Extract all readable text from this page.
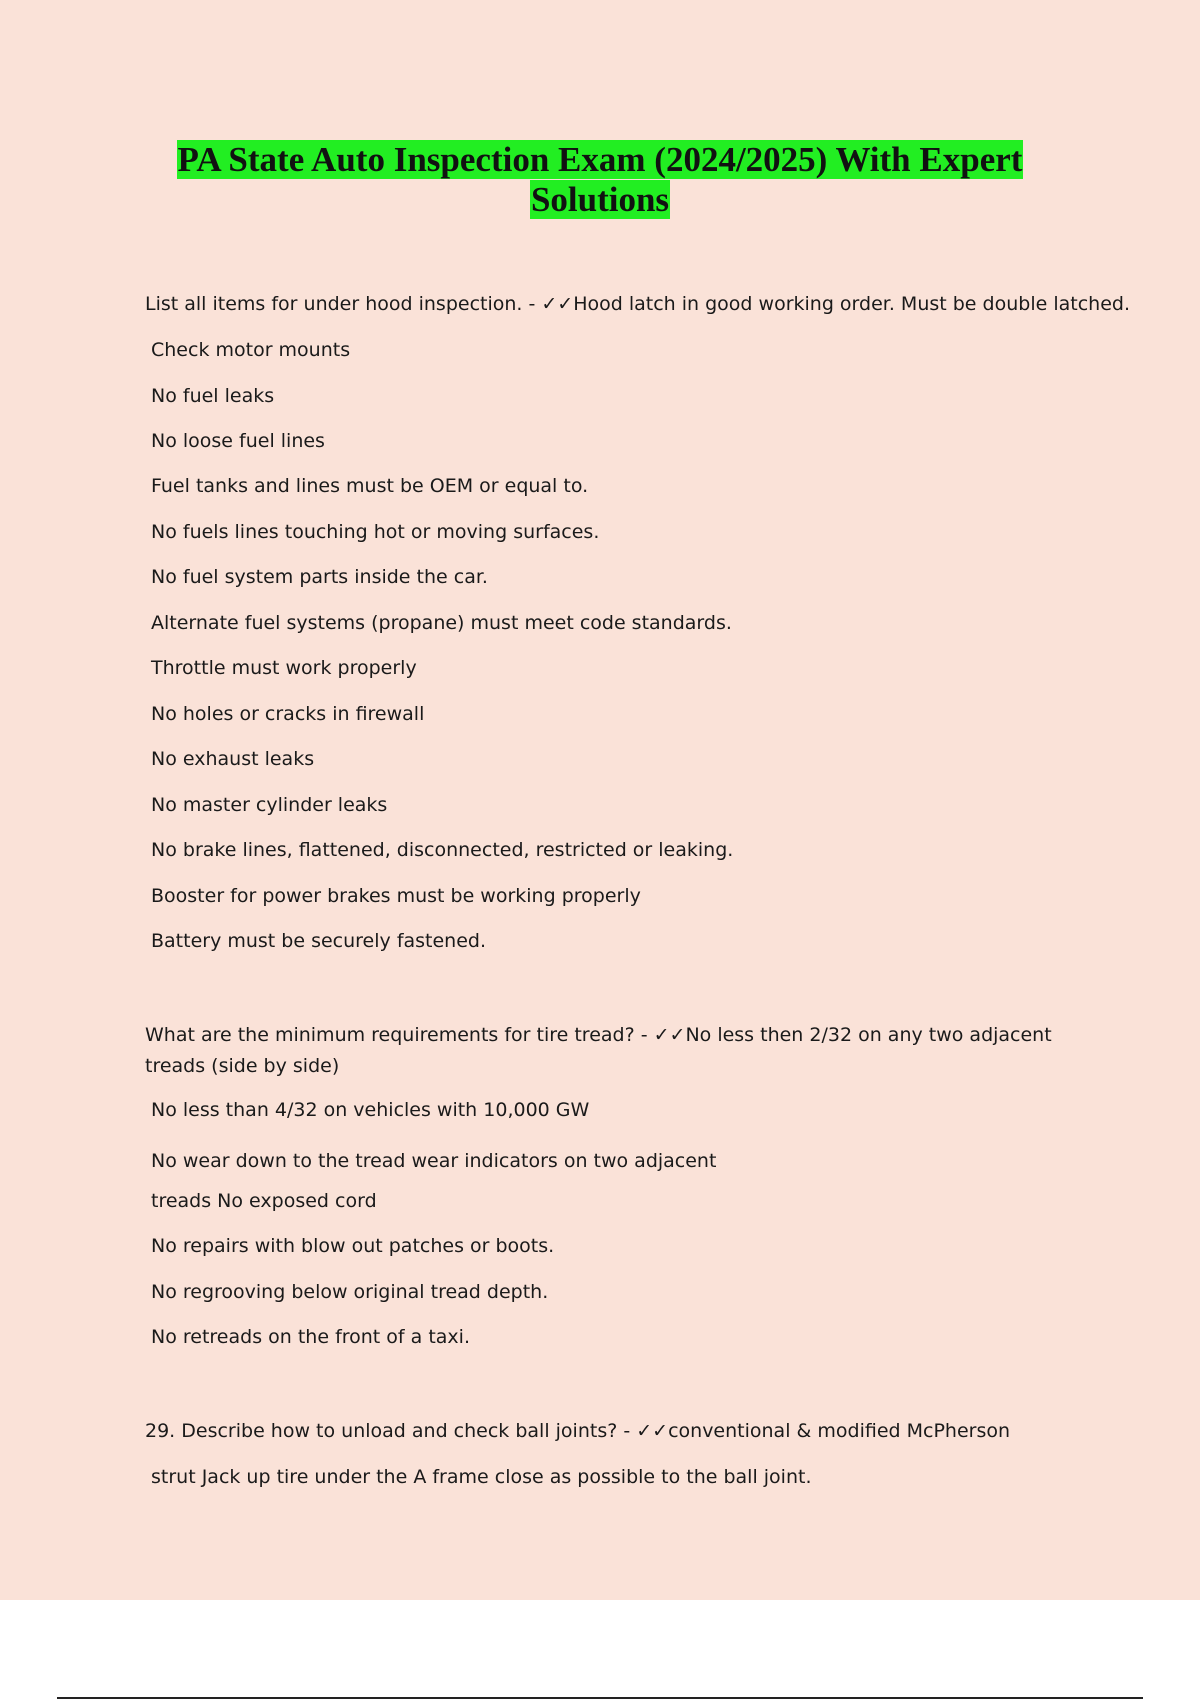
PA State Auto Inspection Exam (2024/2025) With Expert
Solutions
List all items for under hood inspection. - ✓✓Hood latch in good working order. Must be double latched.
Check motor mounts
No fuel leaks
No loose fuel lines
Fuel tanks and lines must be OEM or equal to.
No fuels lines touching hot or moving surfaces.
No fuel system parts inside the car.
Alternate fuel systems (propane) must meet code standards.
Throttle must work properly
No holes or cracks in firewall
No exhaust leaks
No master cylinder leaks
No brake lines, flattened, disconnected, restricted or leaking.
Booster for power brakes must be working properly
Battery must be securely fastened.
What are the minimum requirements for tire tread? - ✓✓No less then 2/32 on any two adjacent
treads (side by side)
No less than 4/32 on vehicles with 10,000 GW
No wear down to the tread wear indicators on two adjacent
treads No exposed cord
No repairs with blow out patches or boots.
No regrooving below original tread depth.
No retreads on the front of a taxi.
29. Describe how to unload and check ball joints? - ✓✓conventional & modified McPherson
strut Jack up tire under the A frame close as possible to the ball joint.
